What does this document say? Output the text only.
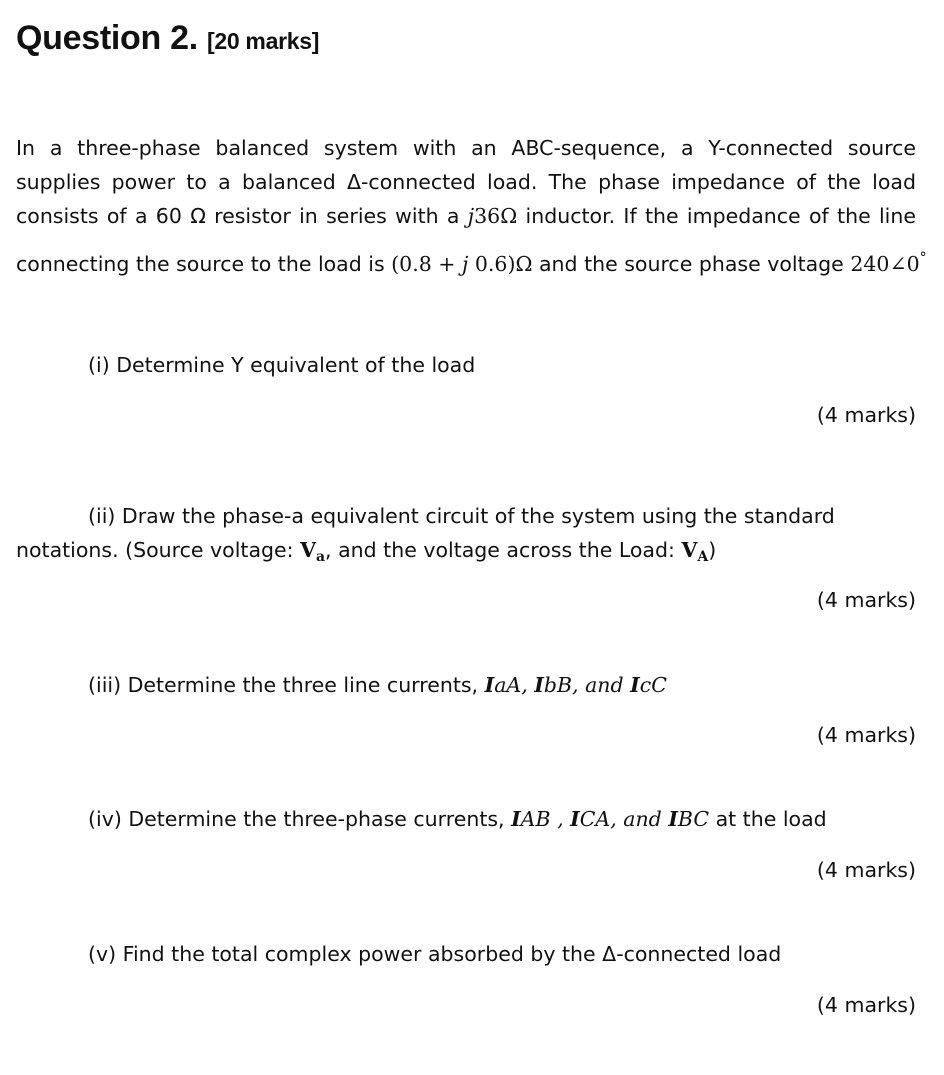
Question 2. [20 marks]

In a three-phase balanced system with an ABC-sequence, a Y-connected source
supplies power to a balanced Δ-connected load. The phase impedance of the load
consists of a 60 Ω resistor in series with a j36Ω inductor. If the impedance of the line
connecting the source to the load is (0.8 + j 0.6)Ω and the source phase voltage 240∠0°

(i) Determine Y equivalent of the load

(4 marks)

(ii) Draw the phase-a equivalent circuit of the system using the standard
notations. (Source voltage: $V_a$, and the voltage across the Load: $V_A$)

(4 marks)

(iii) Determine the three line currents, IaA, IbB, and IcC

(4 marks)

(iv) Determine the three-phase currents, IAB , ICA, and IBC at the load

(4 marks)

(v) Find the total complex power absorbed by the Δ-connected load

(4 marks)
